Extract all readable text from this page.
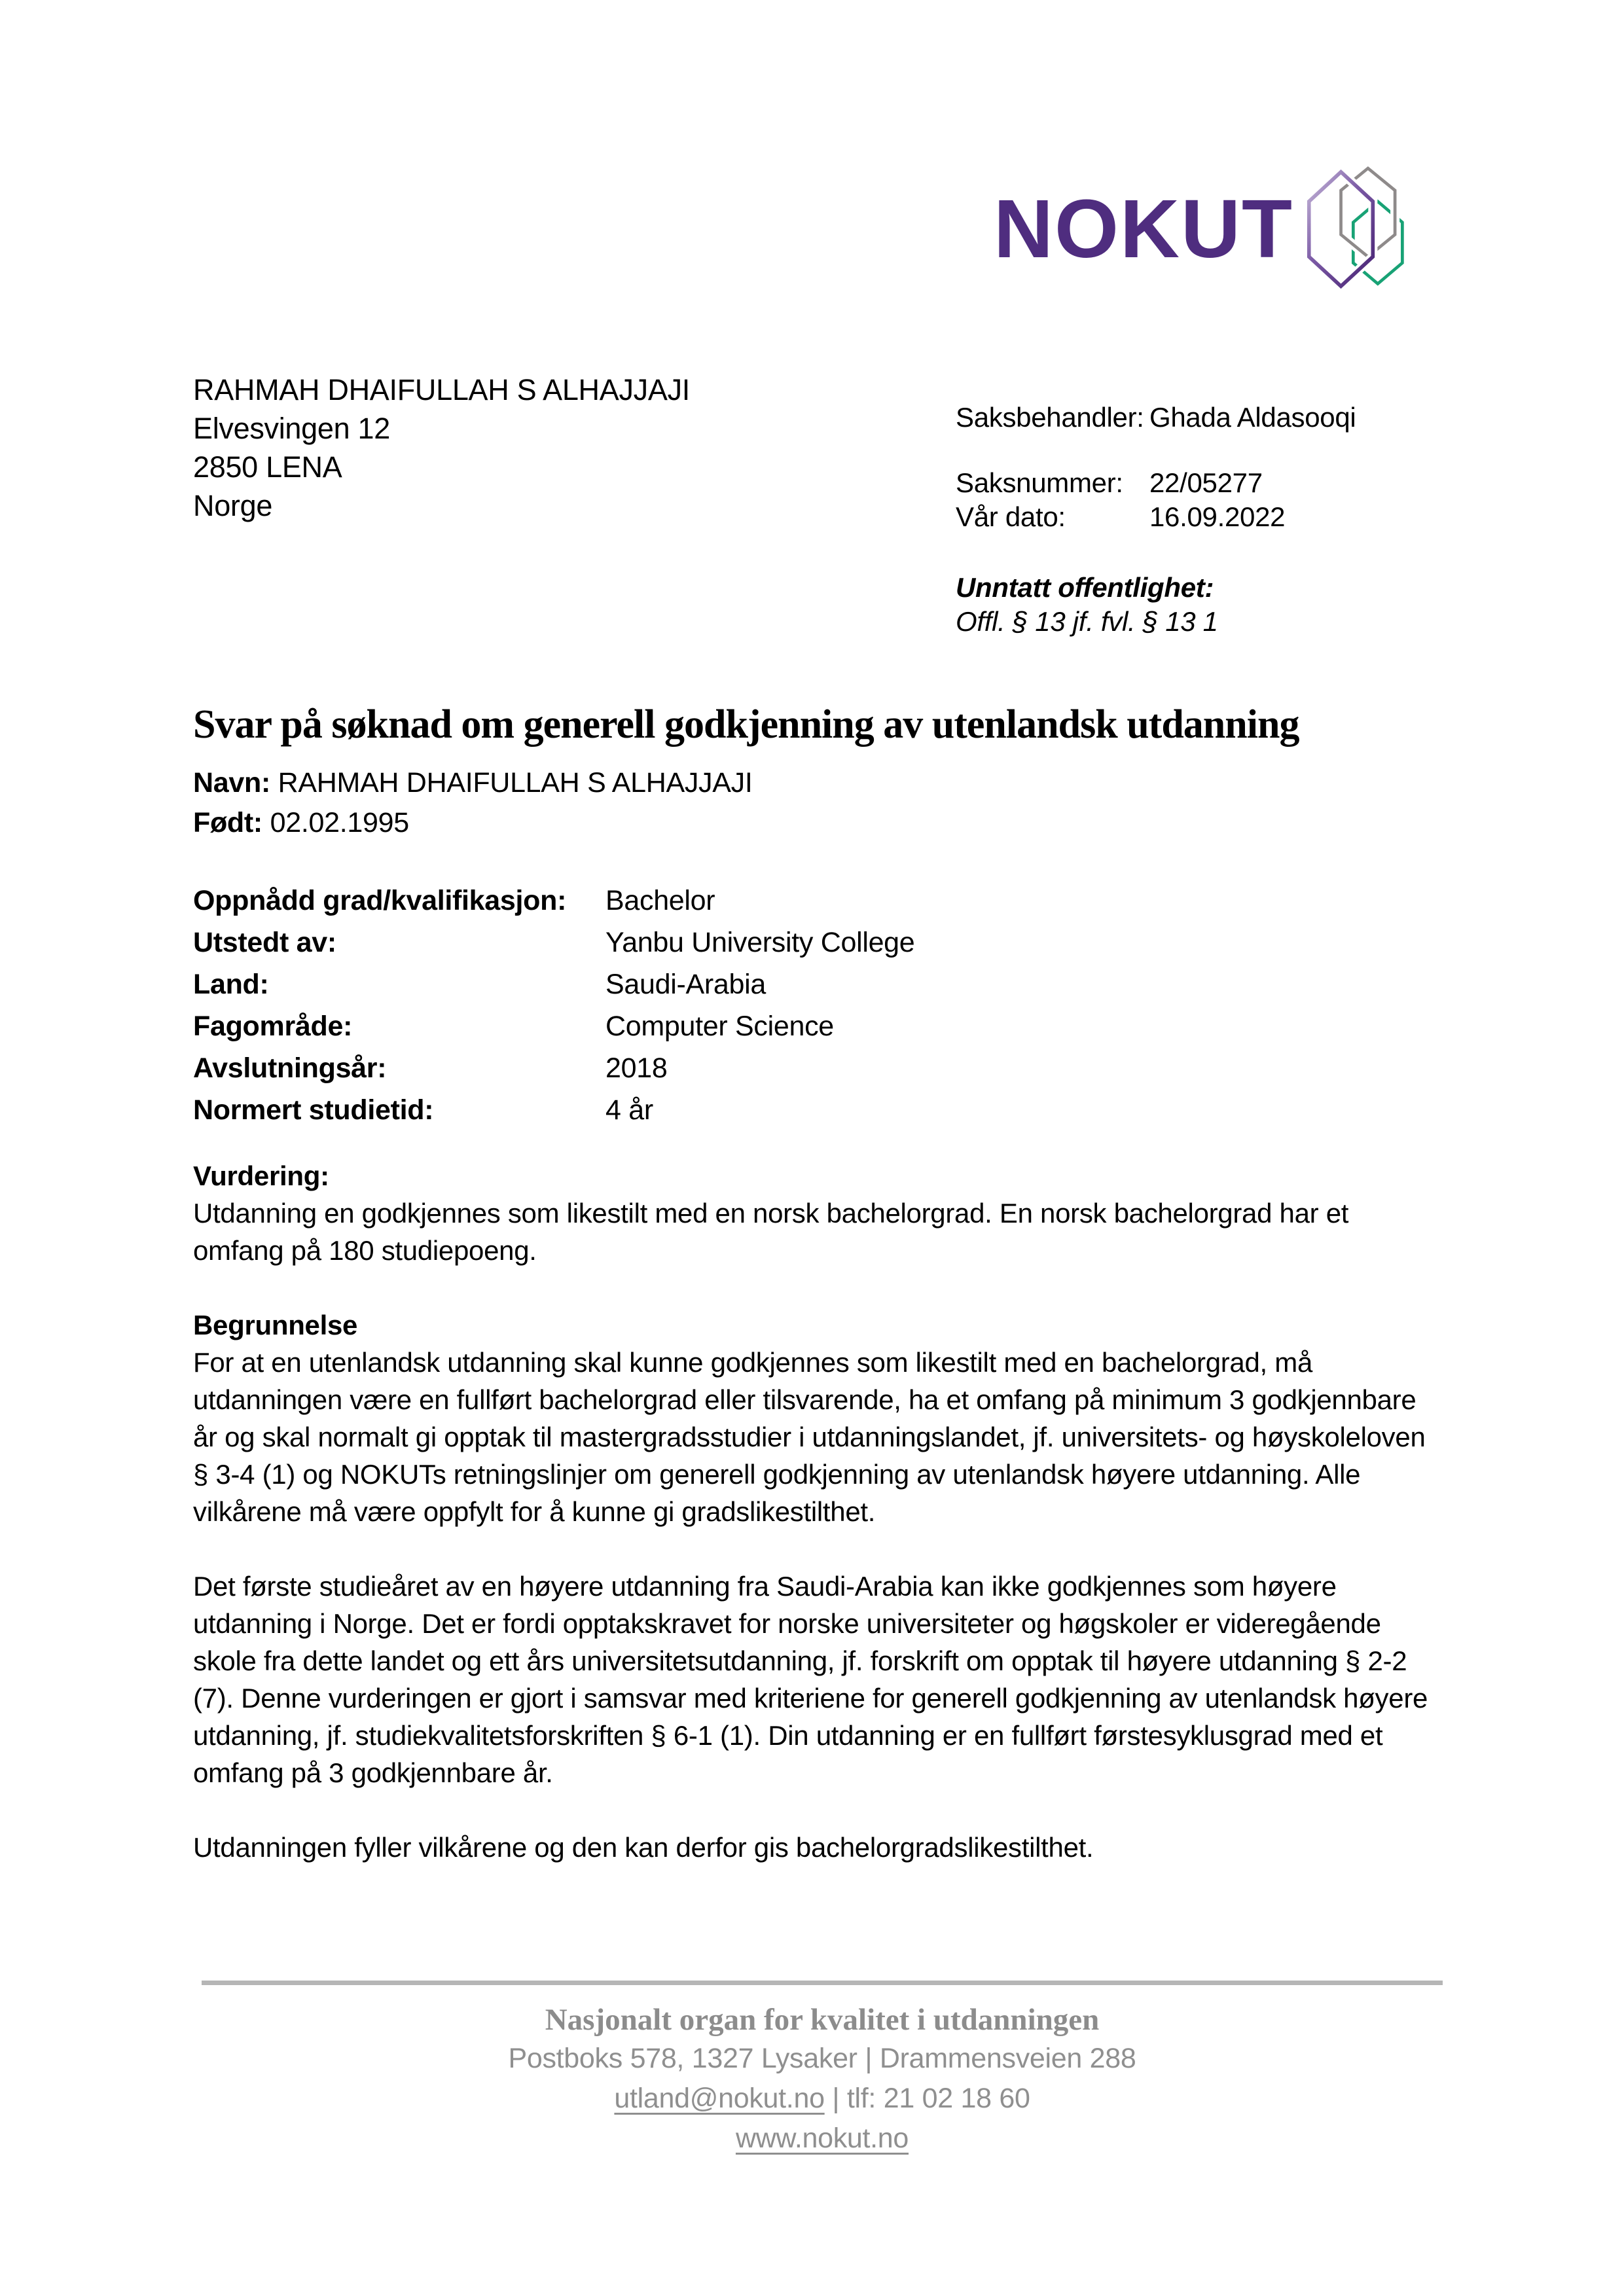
NOKUT
RAHMAH DHAIFULLAH S ALHAJJAJI
Elvesvingen 12
2850 LENA
Norge
Saksbehandler: Ghada Aldasooqi
Saksnummer: 22/05277
Vår dato:	16.09.2022
Unntatt offentlighet:
Offl. § 13 jf. fvl. § 13 1
Svar på søknad om generell godkjenning av utenlandsk utdanning
Navn: RAHMAH DHAIFULLAH S ALHAJJAJI
Født: 02.02.1995
Oppnådd grad/kvalifikasjon:	Bachelor
Utstedt av:	Yanbu University College
Land:	Saudi-Arabia
Fagområde:	Computer Science
Avslutningsår:	2018
Normert studietid:	4 år
Vurdering:

Utdanning en godkjennes som likestilt med en norsk bachelorgrad. En norsk bachelorgrad har et omfang på 180 studiepoeng.

Begrunnelse

For at en utenlandsk utdanning skal kunne godkjennes som likestilt med en bachelorgrad, må utdanningen være en fullført bachelorgrad eller tilsvarende, ha et omfang på minimum 3 godkjennbare år og skal normalt gi opptak til mastergradsstudier i utdanningslandet, jf. universitets- og høyskoleloven § 3-4 (1) og NOKUTs retningslinjer om generell godkjenning av utenlandsk høyere utdanning. Alle vilkårene må være oppfylt for å kunne gi gradslikestilthet.

Det første studieåret av en høyere utdanning fra Saudi-Arabia kan ikke godkjennes som høyere utdanning i Norge. Det er fordi opptakskravet for norske universiteter og høgskoler er videregående skole fra dette landet og ett års universitetsutdanning, jf. forskrift om opptak til høyere utdanning § 2-2 (7). Denne vurderingen er gjort i samsvar med kriteriene for generell godkjenning av utenlandsk høyere utdanning, jf. studiekvalitetsforskriften § 6-1 (1). Din utdanning er en fullført førstesyklusgrad med et omfang på 3 godkjennbare år.

Utdanningen fyller vilkårene og den kan derfor gis bachelorgradslikestilthet.

Nasjonalt organ for kvalitet i utdanningen
Postboks 578, 1327 Lysaker | Drammensveien 288
utland@nokut.no | tlf: 21 02 18 60
www.nokut.no
